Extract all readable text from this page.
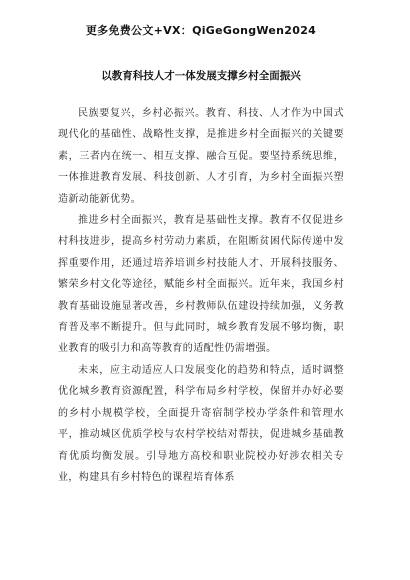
更多免费公文+VX：QiGeGongWen2024
以教育科技人才一体发展支撑乡村全面振兴

民族要复兴，乡村必振兴。教育、科技、人才作为中国式现代化的基础性、战略性支撑，是推进乡村全面振兴的关键要素，三者内在统一、相互支撑、融合互促。要坚持系统思维，一体推进教育发展、科技创新、人才引育，为乡村全面振兴塑造新动能新优势。

推进乡村全面振兴，教育是基础性支撑。教育不仅促进乡村科技进步，提高乡村劳动力素质，在阻断贫困代际传递中发挥重要作用，还通过培养培训乡村技能人才、开展科技服务、繁荣乡村文化等途径，赋能乡村全面振兴。近年来，我国乡村教育基础设施显著改善，乡村教师队伍建设持续加强，义务教育普及率不断提升。但与此同时，城乡教育发展不够均衡，职业教育的吸引力和高等教育的适配性仍需增强。

未来，应主动适应人口发展变化的趋势和特点，适时调整优化城乡教育资源配置，科学布局乡村学校，保留并办好必要的乡村小规模学校，全面提升寄宿制学校办学条件和管理水平，推动城区优质学校与农村学校结对帮扶，促进城乡基础教育优质均衡发展。引导地方高校和职业院校办好涉农相关专业，构建具有乡村特色的课程培育体系
